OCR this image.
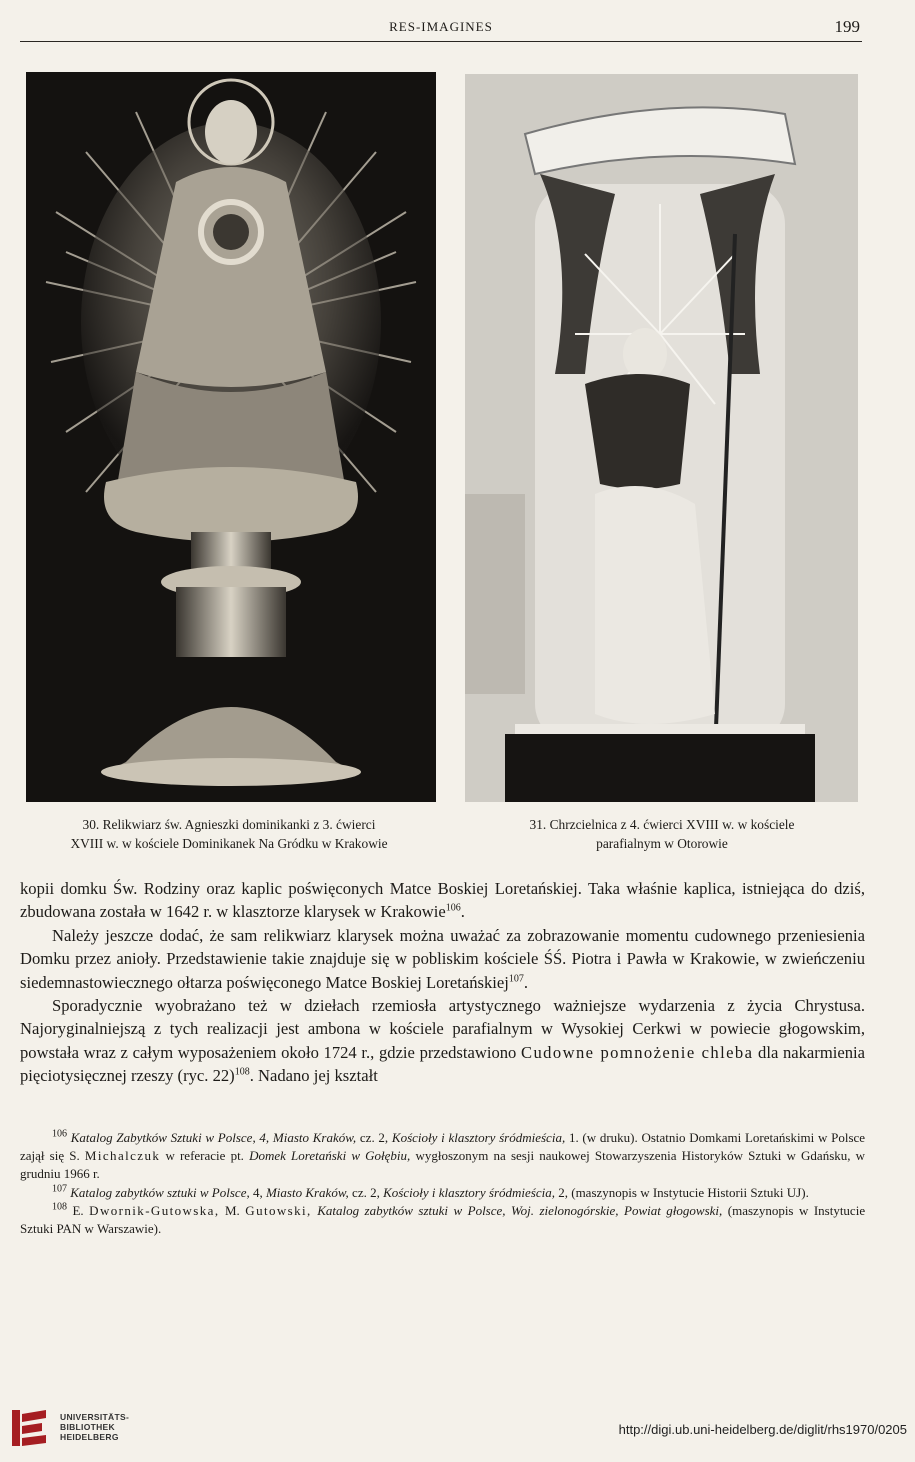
RES-IMAGINES	199
30. Relikwiarz św. Agnieszki dominikanki z 3. ćwierci
XVIII w. w kościele Dominikanek Na Gródku w Krakowie
31. Chrzcielnica z 4. ćwierci XVIII w. w kościele
parafialnym w Otorowie

kopii domku Św. Rodziny oraz kaplic poświęconych Matce Boskiej Loretańskiej. Taka właśnie kaplica, istniejąca do dziś, zbudowana została w 1642 r. w klasztorze klarysek w Krakowie$^{106}$.

Należy jeszcze dodać, że sam relikwiarz klarysek można uważać za zobrazowanie momentu cudownego przeniesienia Domku przez anioły. Przedstawienie takie znajduje się w pobliskim kościele ŚŚ. Piotra i Pawła w Krakowie, w zwieńczeniu siedemnastowiecznego ołtarza poświęconego Matce Boskiej Loretańskiej$^{107}$.

Sporadycznie wyobrażano też w dziełach rzemiosła artystycznego ważniejsze wydarzenia z życia Chrystusa. Najoryginalniejszą z tych realizacji jest ambona w kościele parafialnym w Wysokiej Cerkwi w powiecie głogowskim, powstała wraz z całym wyposażeniem około 1724 r., gdzie przedstawiono Cudowne pomnożenie chleba dla nakarmienia pięciotysięcznej rzeszy (ryc. 22)$^{108}$. Nadano jej kształt

$^{106}$ Katalog Zabytków Sztuki w Polsce, 4, Miasto Kraków, cz. 2, Kościoły i klasztory śródmieścia, 1. (w druku). Ostatnio Domkami Loretańskimi w Polsce zajął się S. Michalczuk w referacie pt. Domek Loretański w Gołębiu, wygłoszonym na sesji naukowej Stowarzyszenia Historyków Sztuki w Gdańsku, w grudniu 1966 r.

$^{107}$ Katalog zabytków sztuki w Polsce, 4, Miasto Kraków, cz. 2, Kościoły i klasztory śródmieścia, 2, (maszynopis w Instytucie Historii Sztuki UJ).

$^{108}$ E. Dwornik-Gutowska, M. Gutowski, Katalog zabytków sztuki w Polsce, Woj. zielonogórskie, Powiat głogowski, (maszynopis w Instytucie Sztuki PAN w Warszawie).

UNIVERSITÄTS-
BIBLIOTHEK
HEIDELBERG	http://digi.ub.uni-heidelberg.de/diglit/rhs1970/0205
